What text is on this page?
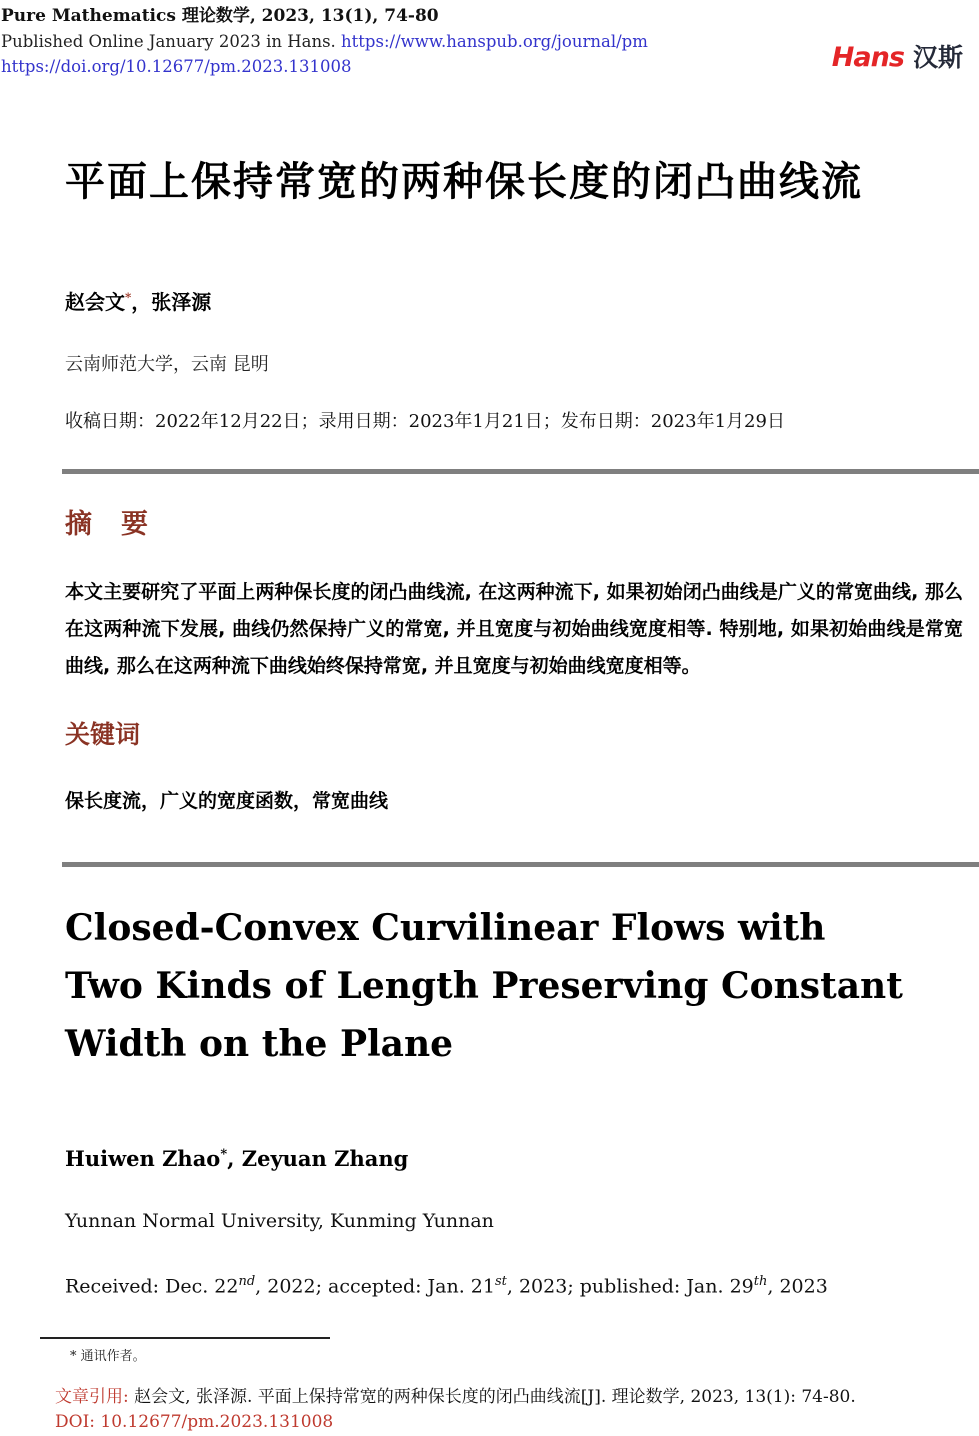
Pure Mathematics 理论数学, 2023, 13(1), 74-80
Published Online January 2023 in Hans. https://www.hanspub.org/journal/pm
https://doi.org/10.12677/pm.2023.131008	Hans 汉斯
平面上保持常宽的两种保长度的闭凸曲线流
赵会文*，张泽源
云南师范大学，云南 昆明
收稿日期：2022年12月22日；录用日期：2023年1月21日；发布日期：2023年1月29日
摘　要

本文主要研究了平面上两种保长度的闭凸曲线流, 在这两种流下, 如果初始闭凸曲线是广义的常宽曲线, 那么在这两种流下发展, 曲线仍然保持广义的常宽, 并且宽度与初始曲线宽度相等. 特别地, 如果初始曲线是常宽曲线, 那么在这两种流下曲线始终保持常宽, 并且宽度与初始曲线宽度相等。

关键词
保长度流，广义的宽度函数，常宽曲线
Closed-Convex Curvilinear Flows with
Two Kinds of Length Preserving Constant
Width on the Plane
Huiwen Zhao*, Zeyuan Zhang
Yunnan Normal University, Kunming Yunnan
Received: Dec. 22nd, 2022; accepted: Jan. 21st, 2023; published: Jan. 29th, 2023
* 通讯作者。
文章引用: 赵会文, 张泽源. 平面上保持常宽的两种保长度的闭凸曲线流[J]. 理论数学, 2023, 13(1): 74-80.
DOI: 10.12677/pm.2023.131008
